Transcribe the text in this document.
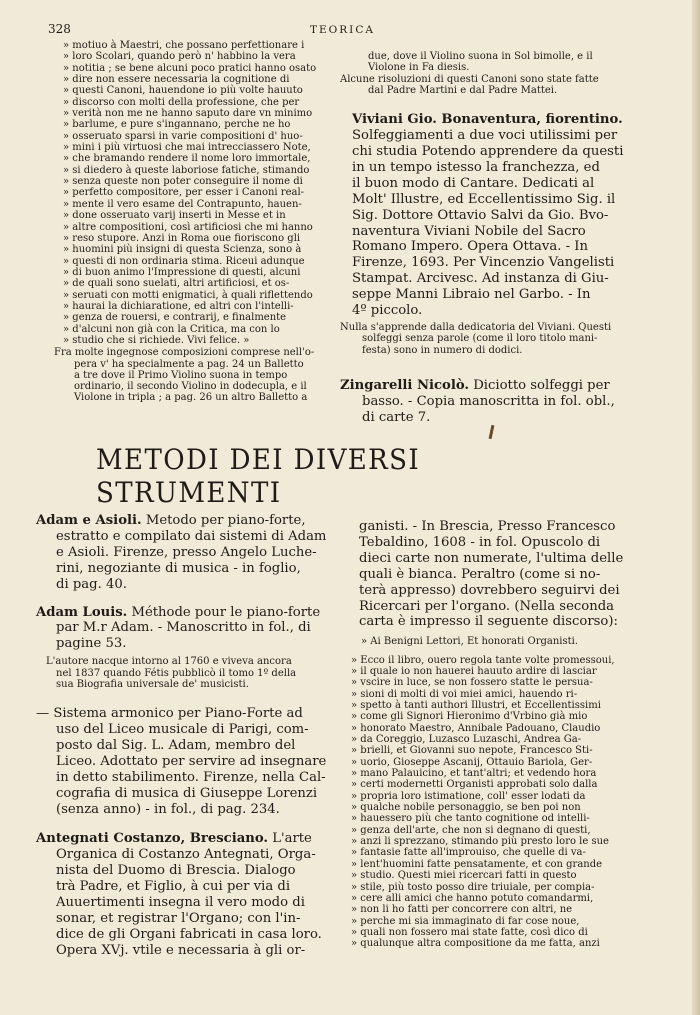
328	TEORICA
» motiuo à Maestri, che possano perfettionare i
» loro Scolari, quando però n' habbino la vera
» notitia ; se bene alcuni poco pratici hanno osato
» dire non essere necessaria la cognitione di
» questi Canoni, hauendone io più volte hauuto
» discorso con molti della professione, che per
» verità non me ne hanno saputo dare vn minimo
» barlume, e pure s'ingannano, perche ne ho
» osseruato sparsi in varie compositioni d' huo-
» mini i più virtuosi che mai intrecciassero Note,
» che bramando rendere il nome loro immortale,
» si diedero à queste laboriose fatiche, stimando
» senza queste non poter conseguire il nome di
» perfetto compositore, per esser i Canoni real-
» mente il vero esame del Contrapunto, hauen-
» done osseruato varij inserti in Messe et in
» altre compositioni, così artificiosi che mi hanno
» reso stupore. Anzi in Roma oue fioriscono gli
» huomini più insigni di questa Scienza, sono à
» questi di non ordinaria stima. Riceui adunque
» di buon animo l'Impressione di questi, alcuni
» de quali sono suelati, altri artificiosi, et os-
» seruati con motti enigmatici, à quali riflettendo
» haurai la dichiaratione, ed altri con l'intelli-
» genza de rouersi, e contrarij, e finalmente
» d'alcuni non già con la Critica, ma con lo
» studio che si richiede. Vivi felice. »
Fra molte ingegnose composizioni comprese nell'o-
pera v' ha specialmente a pag. 24 un Balletto
a tre dove il Primo Violino suona in tempo
ordinario, il secondo Violino in dodecupla, e il
Violone in tripla ; a pag. 26 un altro Balletto a
due, dove il Violino suona in Sol bimolle, e il
Violone in Fa diesis.
Alcune risoluzioni di questi Canoni sono state fatte
dal Padre Martini e dal Padre Mattei.
Viviani Gio. Bonaventura, fiorentino.
Solfeggiamenti a due voci utilissimi per
chi studia Potendo apprendere da questi
in un tempo istesso la franchezza, ed
il buon modo di Cantare. Dedicati al
Molt' Illustre, ed Eccellentissimo Sig. il
Sig. Dottore Ottavio Salvi da Gio. Bvo-
naventura Viviani Nobile del Sacro
Romano Impero. Opera Ottava. - In
Firenze, 1693. Per Vincenzio Vangelisti
Stampat. Arcivesc. Ad instanza di Giu-
seppe Manni Libraio nel Garbo. - In
4º piccolo.
Nulla s'apprende dalla dedicatoria del Viviani. Questi
solfeggi senza parole (come il loro titolo mani-
festa) sono in numero di dodici.
Zingarelli Nicolò. Diciotto solfeggi per
basso. - Copia manoscritta in fol. obl.,
di carte 7.
METODI DEI DIVERSI STRUMENTI
Adam e Asioli. Metodo per piano-forte,
estratto e compilato dai sistemi di Adam
e Asioli. Firenze, presso Angelo Luche-
rini, negoziante di musica - in foglio,
di pag. 40.
Adam Louis. Méthode pour le piano-forte
par M.r Adam. - Manoscritto in fol., di
pagine 53.
L'autore nacque intorno al 1760 e viveva ancora
nel 1837 quando Fétis pubblicò il tomo 1º della
sua Biografia universale de' musicisti.
— Sistema armonico per Piano-Forte ad
uso del Liceo musicale di Parigi, com-
posto dal Sig. L. Adam, membro del
Liceo. Adottato per servire ad insegnare
in detto stabilimento. Firenze, nella Cal-
cografia di musica di Giuseppe Lorenzi
(senza anno) - in fol., di pag. 234.
Antegnati Costanzo, Bresciano. L'arte
Organica di Costanzo Antegnati, Orga-
nista del Duomo di Brescia. Dialogo
trà Padre, et Figlio, à cui per via di
Auuertimenti insegna il vero modo di
sonar, et registrar l'Organo; con l'in-
dice de gli Organi fabricati in casa loro.
Opera XVj. vtile e necessaria à gli or-
ganisti. - In Brescia, Presso Francesco
Tebaldino, 1608 - in fol. Opuscolo di
dieci carte non numerate, l'ultima delle
quali è bianca. Peraltro (come si no-
terà appresso) dovrebbero seguirvi dei
Ricercari per l'organo. (Nella seconda
carta è impresso il seguente discorso):
» Ai Benigni Lettori, Et honorati Organisti.
» Ecco il libro, ouero regola tante volte promessoui,
» il quale io non hauerei hauuto ardire di lasciar
» vscire in luce, se non fossero statte le persua-
» sioni di molti di voi miei amici, hauendo ri-
» spetto à tanti authori Illustri, et Eccellentissimi
» come gli Signori Hieronimo d'Vrbino già mio
» honorato Maestro, Annibale Padouano, Claudio
» da Coreggio, Luzasco Luzaschi, Andrea Ga-
» brielli, et Giovanni suo nepote, Francesco Sti-
» uorio, Gioseppe Ascanij, Ottauio Bariola, Ger-
» mano Palauicino, et tant'altri; et vedendo hora
» certi modernetti Organisti approbati solo dalla
» propria loro istimatione, coll' esser lodati da
» qualche nobile personaggio, se ben poi non
» hauessero più che tanto cognitione od intelli-
» genza dell'arte, che non si degnano di questi,
» anzi li sprezzano, stimando più presto loro le sue
» fantasie fatte all'improuiso, che quelle di va-
» lent'huomini fatte pensatamente, et con grande
» studio. Questi miei ricercari fatti in questo
» stile, più tosto posso dire triuiale, per compia-
» cere alli amici che hanno potuto comandarmi,
» non li ho fatti per concorrere con altri, ne
» perche mi sia immaginato di far cose noue,
» quali non fossero mai state fatte, così dico di
» qualunque altra compositione da me fatta, anzi
